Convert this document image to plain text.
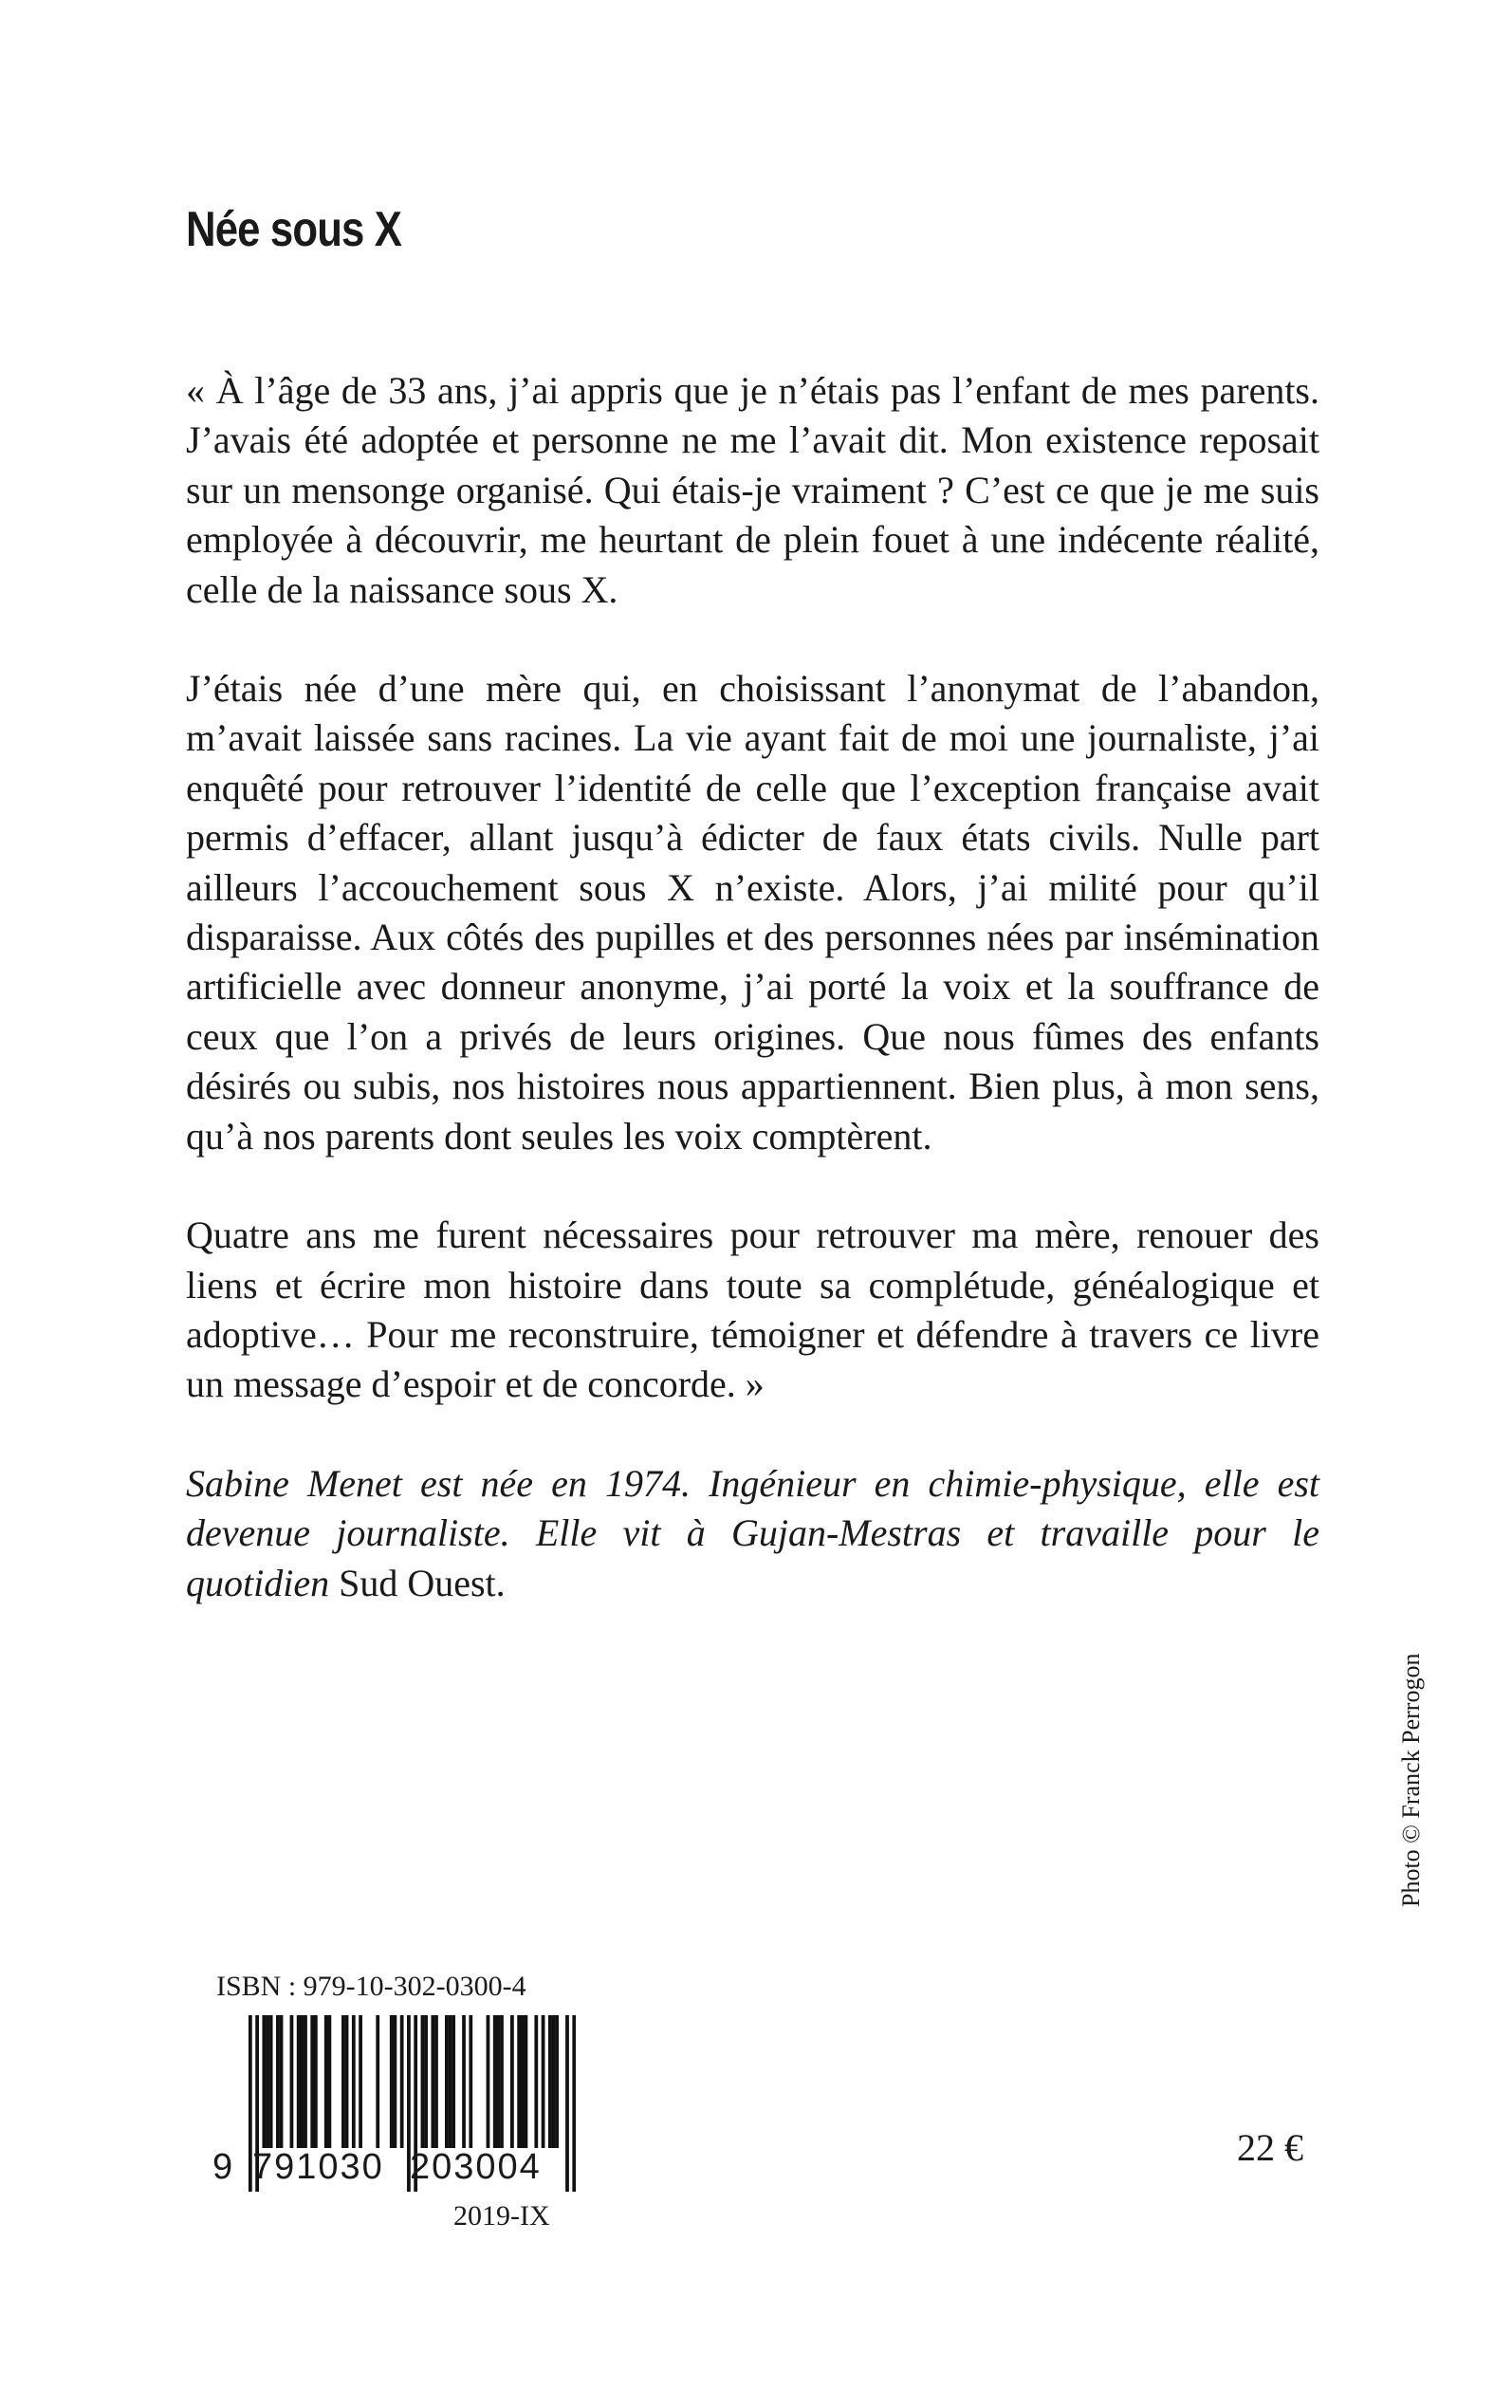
Née sous X

« À l’âge de 33 ans, j’ai appris que je n’étais pas l’enfant de mes parents. J’avais été adoptée et personne ne me l’avait dit. Mon existence reposait sur un mensonge organisé. Qui étais-je vraiment ? C’est ce que je me suis employée à découvrir, me heurtant de plein fouet à une indécente réalité, celle de la naissance sous X.

J’étais née d’une mère qui, en choisissant l’anonymat de l’abandon, m’avait laissée sans racines. La vie ayant fait de moi une journaliste, j’ai enquêté pour retrouver l’identité de celle que l’exception française avait permis d’effacer, allant jusqu’à édicter de faux états civils. Nulle part ailleurs l’accouchement sous X n’existe. Alors, j’ai milité pour qu’il disparaisse. Aux côtés des pupilles et des personnes nées par insémination artificielle avec donneur anonyme, j’ai porté la voix et la souffrance de ceux que l’on a privés de leurs origines. Que nous fûmes des enfants désirés ou subis, nos histoires nous appartiennent. Bien plus, à mon sens, qu’à nos parents dont seules les voix comptèrent.

Quatre ans me furent nécessaires pour retrouver ma mère, renouer des liens et écrire mon histoire dans toute sa complétude, généalogique et adoptive… Pour me reconstruire, témoigner et défendre à travers ce livre un message d’espoir et de concorde. »

Sabine Menet est née en 1974. Ingénieur en chimie-physique, elle est devenue journaliste. Elle vit à Gujan-Mestras et travaille pour le quotidien Sud Ouest.

Photo © Franck Perrogon

ISBN : 979-10-302-0300-4

9 791030 203004

2019-IX

22 €
